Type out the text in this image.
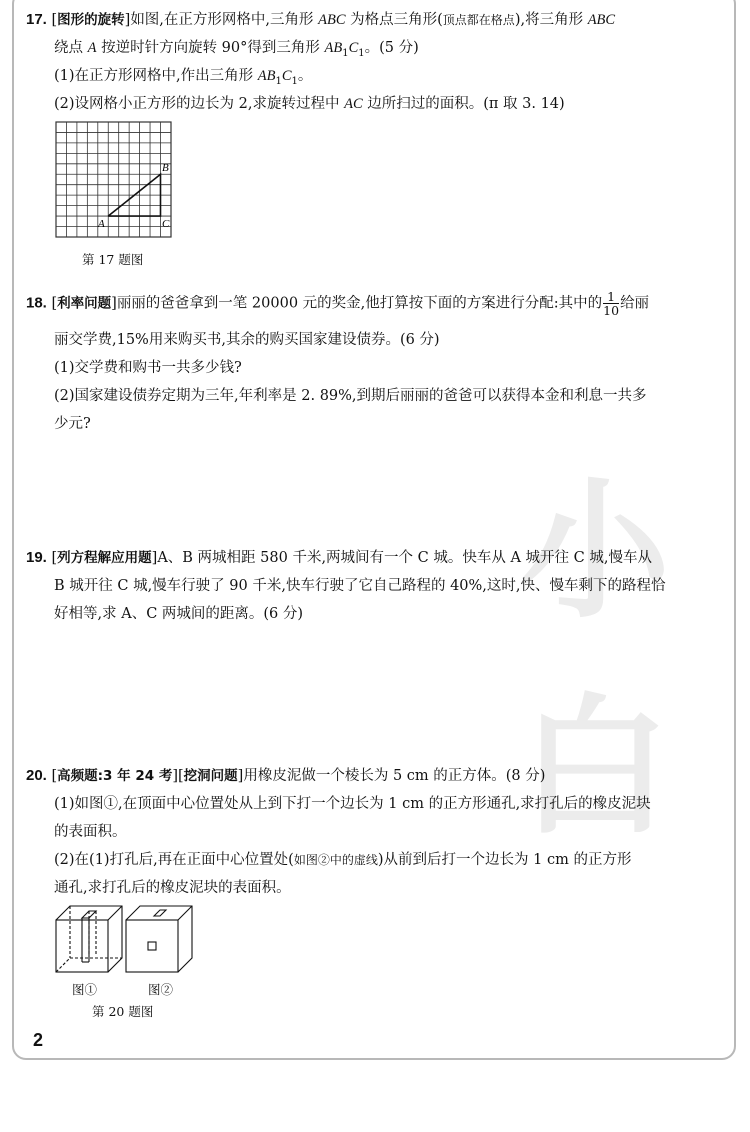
小白
17. [图形的旋转]如图,在正方形网格中,三角形 ABC 为格点三角形(顶点都在格点),将三角形 ABC
绕点 A 按逆时针方向旋转 90°得到三角形 $AB_1C_1$。(5 分)
(1)在正方形网格中,作出三角形 $AB_1C_1$。
(2)设网格小正方形的边长为 2,求旋转过程中 AC 边所扫过的面积。(π 取 3. 14)
A
B
C
第 17 题图
18. [利率问题]丽丽的爸爸拿到一笔 20000 元的奖金,他打算按下面的方案进行分配:其中的 $\frac{1}{10}$ 给丽
丽交学费,15%用来购买书,其余的购买国家建设债券。(6 分)
(1)交学费和购书一共多少钱?
(2)国家建设债券定期为三年,年利率是 2. 89%,到期后丽丽的爸爸可以获得本金和利息一共多
少元?
19. [列方程解应用题]A、B 两城相距 580 千米,两城间有一个 C 城。快车从 A 城开往 C 城,慢车从
B 城开往 C 城,慢车行驶了 90 千米,快车行驶了它自己路程的 40%,这时,快、慢车剩下的路程恰
好相等,求 A、C 两城间的距离。(6 分)
20. [高频题:3 年 24 考][挖洞问题]用橡皮泥做一个棱长为 5 cm 的正方体。(8 分)
(1)如图①,在顶面中心位置处从上到下打一个边长为 1 cm 的正方形通孔,求打孔后的橡皮泥块
的表面积。
(2)在(1)打孔后,再在正面中心位置处(如图②中的虚线)从前到后打一个边长为 1 cm 的正方形
通孔,求打孔后的橡皮泥块的表面积。
图①	图②
第 20 题图
2
